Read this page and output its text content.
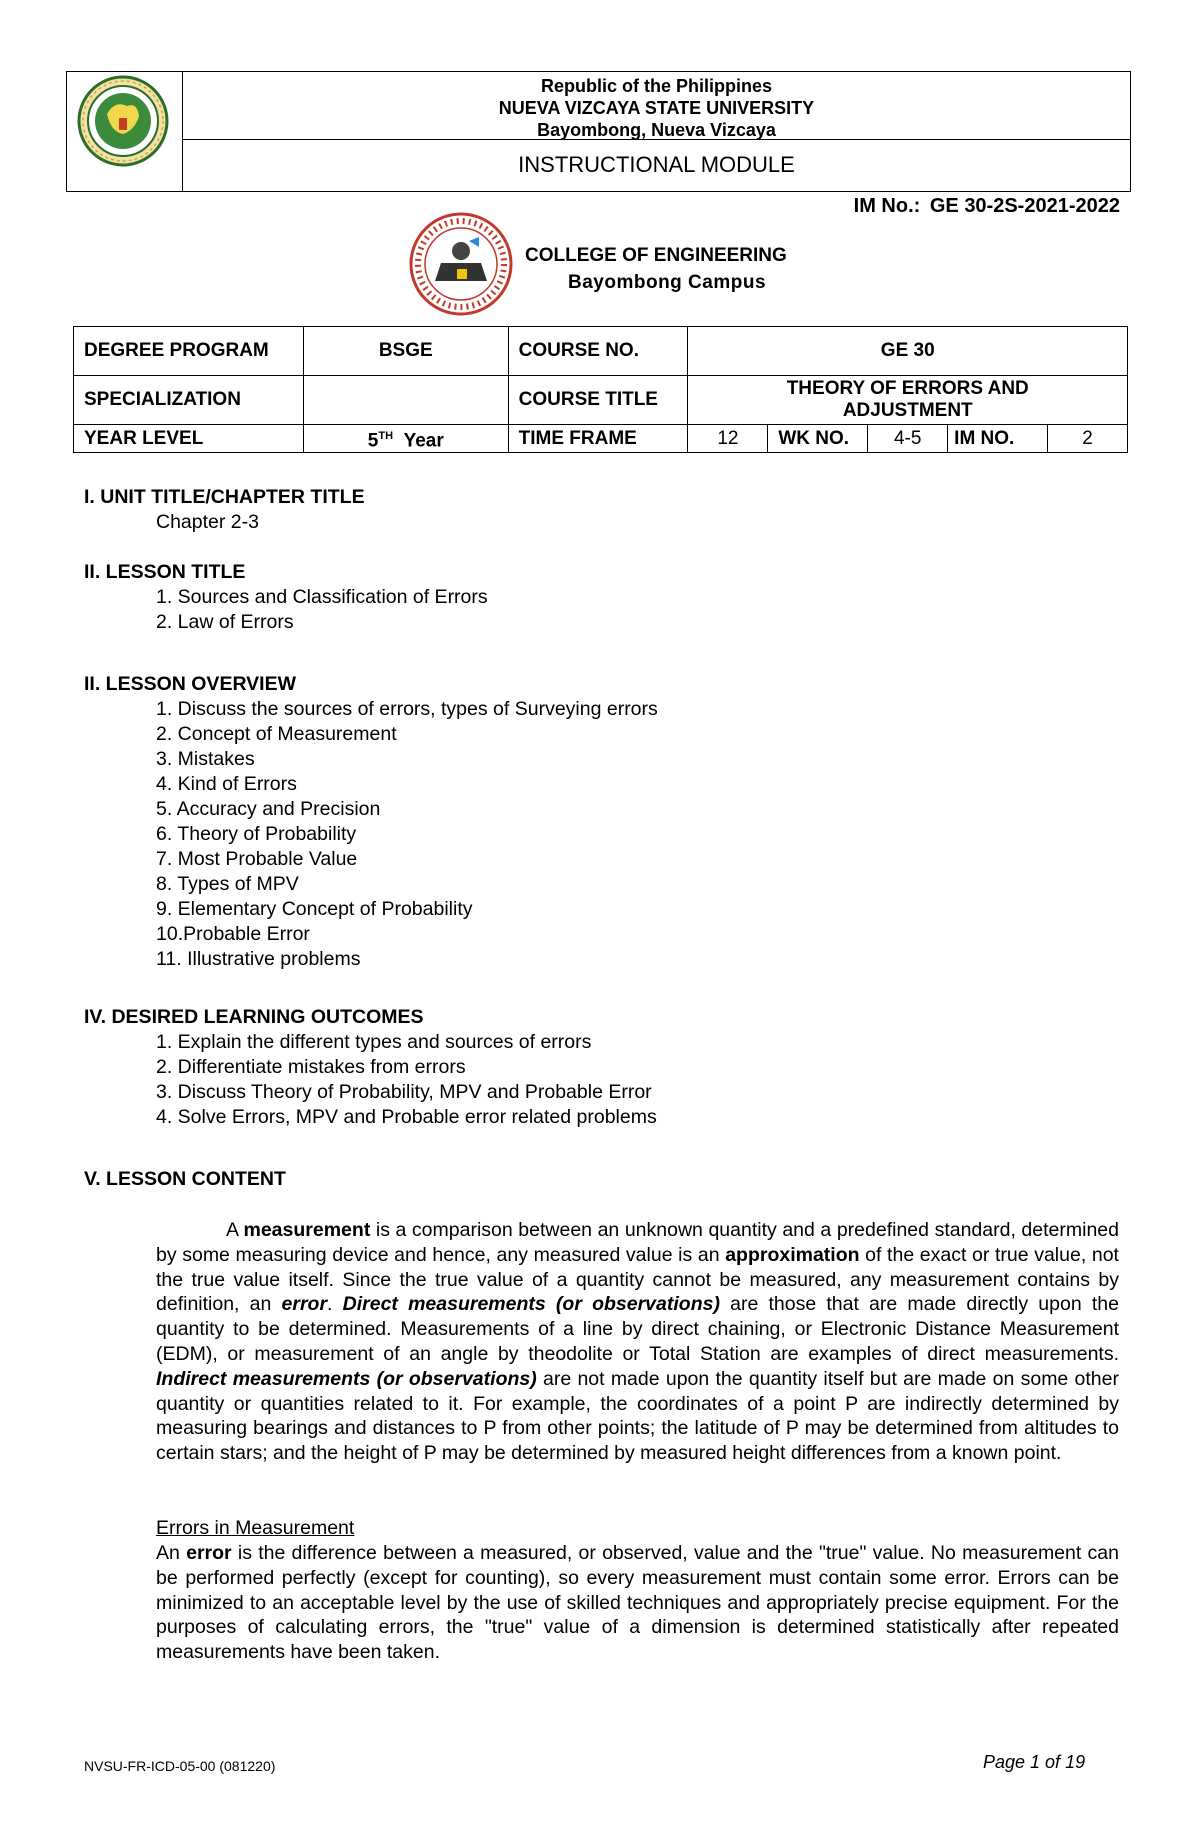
Republic of the Philippines
NUEVA VIZCAYA STATE UNIVERSITY
Bayombong, Nueva Vizcaya
INSTRUCTIONAL MODULE
IM No.: GE 30-2S-2021-2022
COLLEGE OF ENGINEERING
Bayombong Campus
DEGREE PROGRAM	BSGE	COURSE NO.	GE 30				
SPECIALIZATION		COURSE TITLE	THEORY OF ERRORS AND ADJUSTMENT				
YEAR LEVEL	5TH Year	TIME FRAME	12	WK NO.	4-5	IM NO.	2
I. UNIT TITLE/CHAPTER TITLE
Chapter 2-3
II. LESSON TITLE
1. Sources and Classification of Errors
2. Law of Errors
II. LESSON OVERVIEW
1. Discuss the sources of errors, types of Surveying errors
2. Concept of Measurement
3. Mistakes
4. Kind of Errors
5. Accuracy and Precision
6. Theory of Probability
7. Most Probable Value
8. Types of MPV
9. Elementary Concept of Probability
10.Probable Error
11. Illustrative problems
IV. DESIRED LEARNING OUTCOMES
1. Explain the different types and sources of errors
2. Differentiate mistakes from errors
3. Discuss Theory of Probability, MPV and Probable Error
4. Solve Errors, MPV and Probable error related problems
V. LESSON CONTENT
A measurement is a comparison between an unknown quantity and a predefined standard, determined by some measuring device and hence, any measured value is an approximation of the exact or true value, not the true value itself. Since the true value of a quantity cannot be measured, any measurement contains by definition, an error. Direct measurements (or observations) are those that are made directly upon the quantity to be determined. Measurements of a line by direct chaining, or Electronic Distance Measurement (EDM), or measurement of an angle by theodolite or Total Station are examples of direct measurements. Indirect measurements (or observations) are not made upon the quantity itself but are made on some other quantity or quantities related to it. For example, the coordinates of a point P are indirectly determined by measuring bearings and distances to P from other points; the latitude of P may be determined from altitudes to certain stars; and the height of P may be determined by measured height differences from a known point.
Errors in Measurement
An error is the difference between a measured, or observed, value and the "true" value. No measurement can be performed perfectly (except for counting), so every measurement must contain some error. Errors can be minimized to an acceptable level by the use of skilled techniques and appropriately precise equipment. For the purposes of calculating errors, the "true" value of a dimension is determined statistically after repeated measurements have been taken.
NVSU-FR-ICD-05-00 (081220)	Page 1 of 19
